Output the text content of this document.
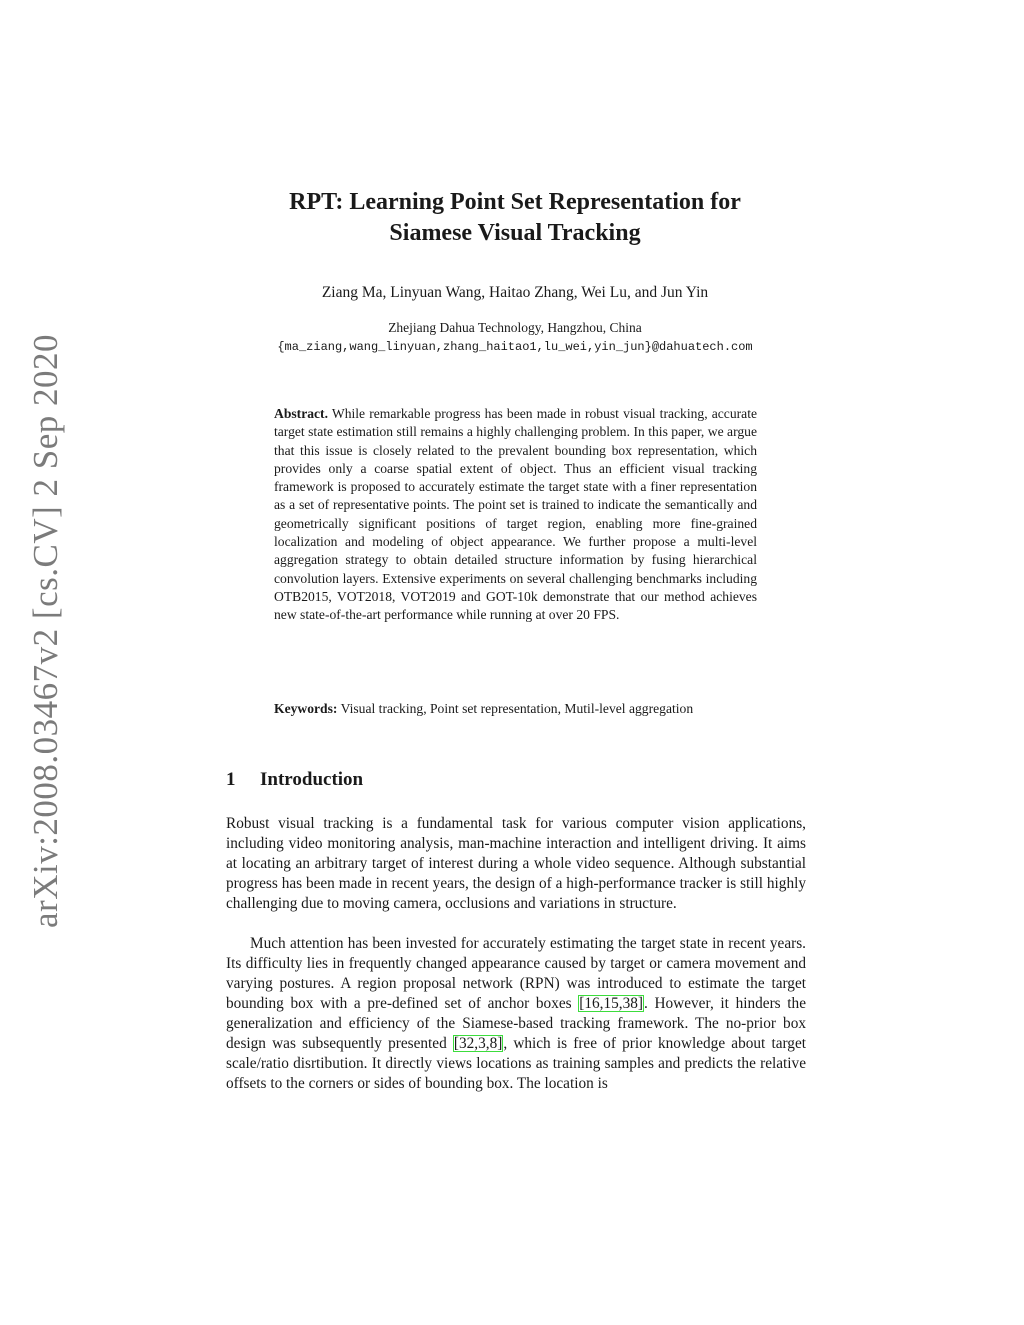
arXiv:2008.03467v2 [cs.CV] 2 Sep 2020
RPT: Learning Point Set Representation for
Siamese Visual Tracking

Ziang Ma, Linyuan Wang, Haitao Zhang, Wei Lu, and Jun Yin

Zhejiang Dahua Technology, Hangzhou, China

{ma_ziang,wang_linyuan,zhang_haitao1,lu_wei,yin_jun}@dahuatech.com

Abstract. While remarkable progress has been made in robust visual tracking, accurate target state estimation still remains a highly challenging problem. In this paper, we argue that this issue is closely related to the prevalent bounding box representation, which provides only a coarse spatial extent of object. Thus an efficient visual tracking framework is proposed to accurately estimate the target state with a finer representation as a set of representative points. The point set is trained to indicate the semantically and geometrically significant positions of target region, enabling more fine-grained localization and modeling of object appearance. We further propose a multi-level aggregation strategy to obtain detailed structure information by fusing hierarchical convolution layers. Extensive experiments on several challenging benchmarks including OTB2015, VOT2018, VOT2019 and GOT-10k demonstrate that our method achieves new state-of-the-art performance while running at over 20 FPS.

Keywords: Visual tracking, Point set representation, Mutil-level aggregation

1 Introduction

Robust visual tracking is a fundamental task for various computer vision applications, including video monitoring analysis, man-machine interaction and intelligent driving. It aims at locating an arbitrary target of interest during a whole video sequence. Although substantial progress has been made in recent years, the design of a high-performance tracker is still highly challenging due to moving camera, occlusions and variations in structure.

Much attention has been invested for accurately estimating the target state in recent years. Its difficulty lies in frequently changed appearance caused by target or camera movement and varying postures. A region proposal network (RPN) was introduced to estimate the target bounding box with a pre-defined set of anchor boxes [16,15,38]. However, it hinders the generalization and efficiency of the Siamese-based tracking framework. The no-prior box design was subsequently presented [32,3,8], which is free of prior knowledge about target scale/ratio disrtibution. It directly views locations as training samples and predicts the relative offsets to the corners or sides of bounding box. The location is
